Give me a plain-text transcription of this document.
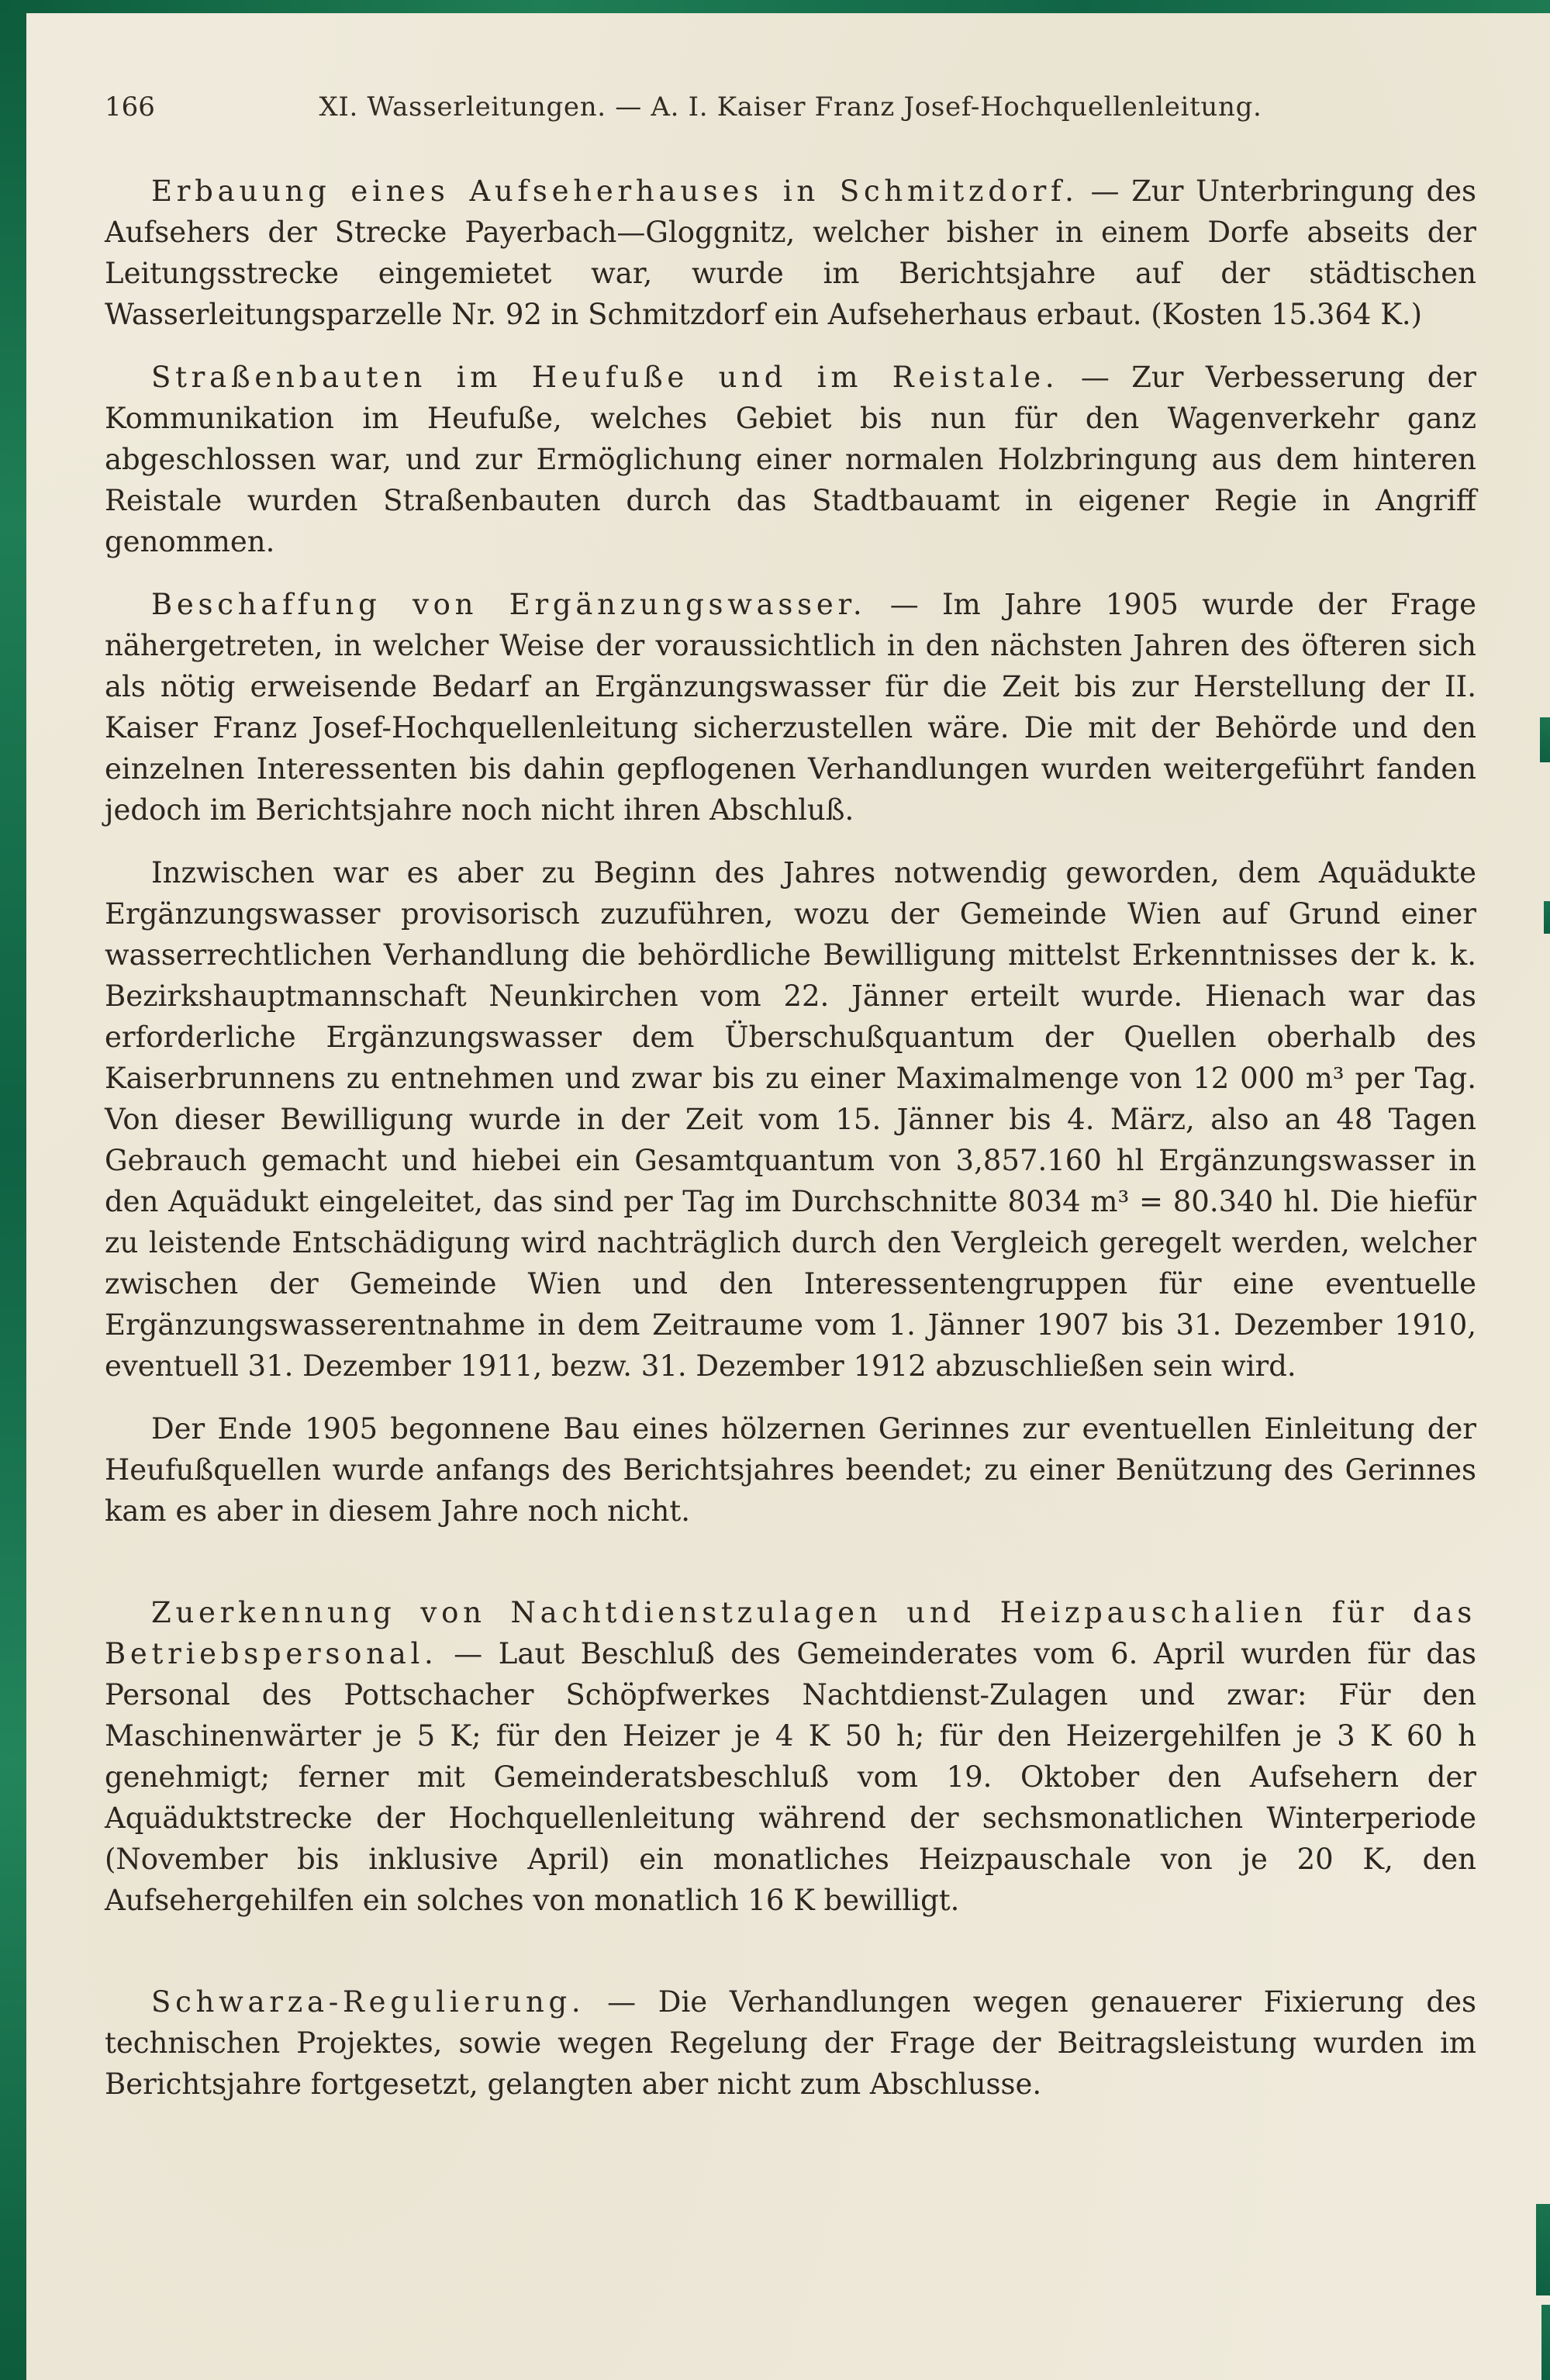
166	XI. Wasserleitungen. — A. I. Kaiser Franz Josef-Hochquellenleitung.

Erbauung eines Aufseherhauses in Schmitzdorf. — Zur Unterbringung des Aufsehers der Strecke Payerbach—Gloggnitz, welcher bisher in einem Dorfe abseits der Leitungsstrecke eingemietet war, wurde im Berichtsjahre auf der städtischen Wasserleitungsparzelle Nr. 92 in Schmitzdorf ein Aufseherhaus erbaut. (Kosten 15.364 K.)

Straßenbauten im Heufuße und im Reistale. — Zur Verbesserung der Kommunikation im Heufuße, welches Gebiet bis nun für den Wagenverkehr ganz abgeschlossen war, und zur Ermöglichung einer normalen Holzbringung aus dem hinteren Reistale wurden Straßenbauten durch das Stadtbauamt in eigener Regie in Angriff genommen.

Beschaffung von Ergänzungswasser. — Im Jahre 1905 wurde der Frage nähergetreten, in welcher Weise der voraussichtlich in den nächsten Jahren des öfteren sich als nötig erweisende Bedarf an Ergänzungswasser für die Zeit bis zur Herstellung der II. Kaiser Franz Josef-Hochquellenleitung sicherzustellen wäre. Die mit der Behörde und den einzelnen Interessenten bis dahin gepflogenen Verhandlungen wurden weitergeführt fanden jedoch im Berichtsjahre noch nicht ihren Abschluß.

Inzwischen war es aber zu Beginn des Jahres notwendig geworden, dem Aquädukte Ergänzungswasser provisorisch zuzuführen, wozu der Gemeinde Wien auf Grund einer wasserrechtlichen Verhandlung die behördliche Bewilligung mittelst Erkenntnisses der k. k. Bezirkshauptmannschaft Neunkirchen vom 22. Jänner erteilt wurde. Hienach war das erforderliche Ergänzungswasser dem Überschußquantum der Quellen oberhalb des Kaiserbrunnens zu entnehmen und zwar bis zu einer Maximalmenge von 12 000 m³ per Tag. Von dieser Bewilligung wurde in der Zeit vom 15. Jänner bis 4. März, also an 48 Tagen Gebrauch gemacht und hiebei ein Gesamtquantum von 3,857.160 hl Ergänzungswasser in den Aquädukt eingeleitet, das sind per Tag im Durchschnitte 8034 m³ = 80.340 hl. Die hiefür zu leistende Entschädigung wird nachträglich durch den Vergleich geregelt werden, welcher zwischen der Gemeinde Wien und den Interessentengruppen für eine eventuelle Ergänzungswasserentnahme in dem Zeitraume vom 1. Jänner 1907 bis 31. Dezember 1910, eventuell 31. Dezember 1911, bezw. 31. Dezember 1912 abzuschließen sein wird.

Der Ende 1905 begonnene Bau eines hölzernen Gerinnes zur eventuellen Einleitung der Heufußquellen wurde anfangs des Berichtsjahres beendet; zu einer Benützung des Gerinnes kam es aber in diesem Jahre noch nicht.

Zuerkennung von Nachtdienstzulagen und Heizpauschalien für das Betriebspersonal. — Laut Beschluß des Gemeinderates vom 6. April wurden für das Personal des Pottschacher Schöpfwerkes Nachtdienst-Zulagen und zwar: Für den Maschinenwärter je 5 K; für den Heizer je 4 K 50 h; für den Heizergehilfen je 3 K 60 h genehmigt; ferner mit Gemeinderatsbeschluß vom 19. Oktober den Aufsehern der Aquäduktstrecke der Hochquellenleitung während der sechsmonatlichen Winterperiode (November bis inklusive April) ein monatliches Heizpauschale von je 20 K, den Aufsehergehilfen ein solches von monatlich 16 K bewilligt.

Schwarza-Regulierung. — Die Verhandlungen wegen genauerer Fixierung des technischen Projektes, sowie wegen Regelung der Frage der Beitragsleistung wurden im Berichtsjahre fortgesetzt, gelangten aber nicht zum Abschlusse.
